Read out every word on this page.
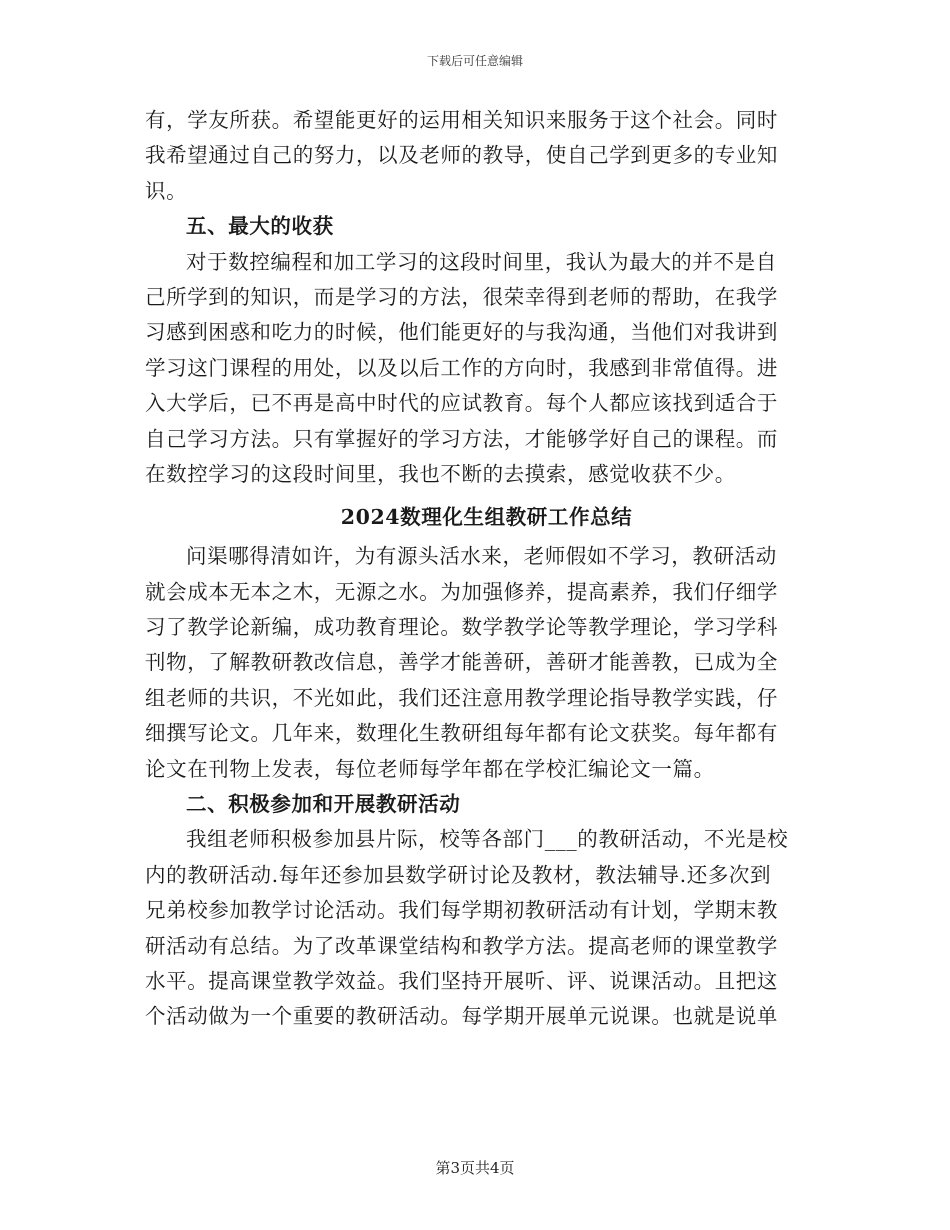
下载后可任意编辑
有，学友所获。希望能更好的运用相关知识来服务于这个社会。同时
我希望通过自己的努力，以及老师的教导，使自己学到更多的专业知
识。
五、最大的收获
对于数控编程和加工学习的这段时间里，我认为最大的并不是自
己所学到的知识，而是学习的方法，很荣幸得到老师的帮助，在我学
习感到困惑和吃力的时候，他们能更好的与我沟通，当他们对我讲到
学习这门课程的用处，以及以后工作的方向时，我感到非常值得。进
入大学后，已不再是高中时代的应试教育。每个人都应该找到适合于
自己学习方法。只有掌握好的学习方法，才能够学好自己的课程。而
在数控学习的这段时间里，我也不断的去摸索，感觉收获不少。
2024数理化生组教研工作总结
问渠哪得清如许，为有源头活水来，老师假如不学习，教研活动
就会成本无本之木，无源之水。为加强修养，提高素养，我们仔细学
习了教学论新编，成功教育理论。数学教学论等教学理论，学习学科
刊物，了解教研教改信息，善学才能善研，善研才能善教，已成为全
组老师的共识，不光如此，我们还注意用教学理论指导教学实践，仔
细撰写论文。几年来，数理化生教研组每年都有论文获奖。每年都有
论文在刊物上发表，每位老师每学年都在学校汇编论文一篇。
二、积极参加和开展教研活动
我组老师积极参加县片际，校等各部门___的教研活动，不光是校
内的教研活动.每年还参加县数学研讨论及教材，教法辅导.还多次到
兄弟校参加教学讨论活动。我们每学期初教研活动有计划，学期末教
研活动有总结。为了改革课堂结构和教学方法。提高老师的课堂教学
水平。提高课堂教学效益。我们坚持开展听、评、说课活动。且把这
个活动做为一个重要的教研活动。每学期开展单元说课。也就是说单
第3页共4页
